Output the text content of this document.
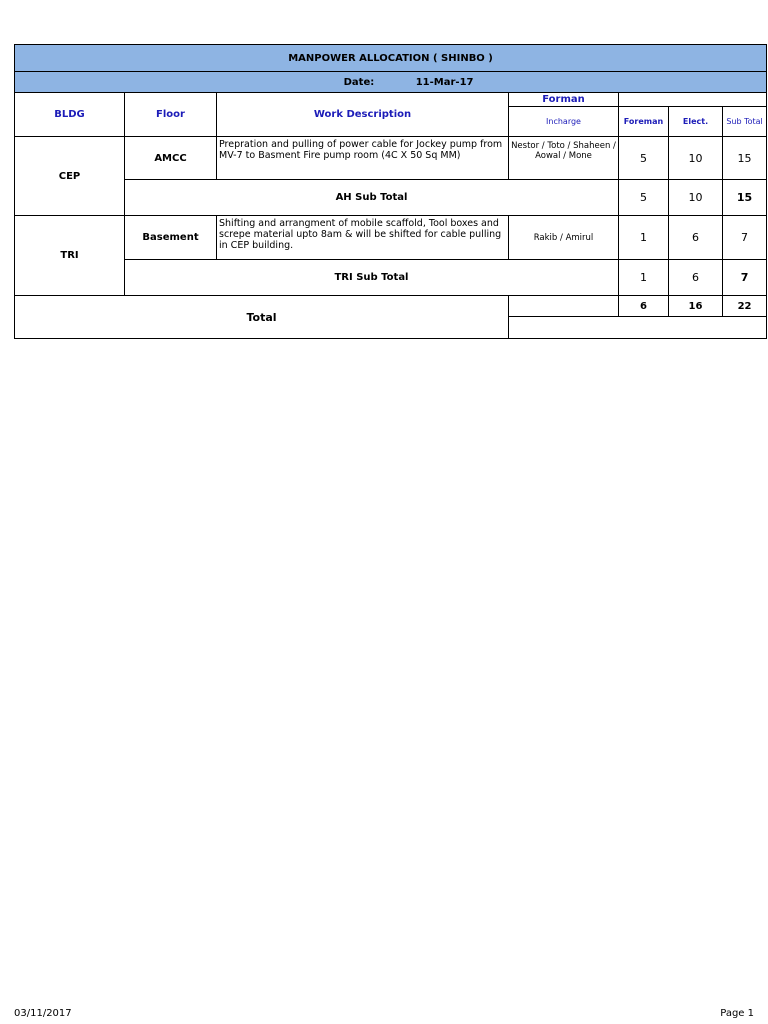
MANPOWER ALLOCATION ( SHINBO )						
Date: 11-Mar-17						
BLDG	Floor	Work Description	Forman			
			Incharge	Foreman	Elect.	Sub Total
CEP	AMCC	Prepration and pulling of power cable for Jockey pump from MV-7 to Basment Fire pump room (4C X 50 Sq MM)	Nestor / Toto / Shaheen / Aowal / Mone	5	10	15
	AH Sub Total			5	10	15
TRI	Basement	Shifting and arrangment of mobile scaffold, Tool boxes and screpe material upto 8am & will be shifted for cable pulling in CEP building.	Rakib / Amirul	1	6	7
	TRI Sub Total			1	6	7
Total				6	16	22

03/11/2017	Page 1
